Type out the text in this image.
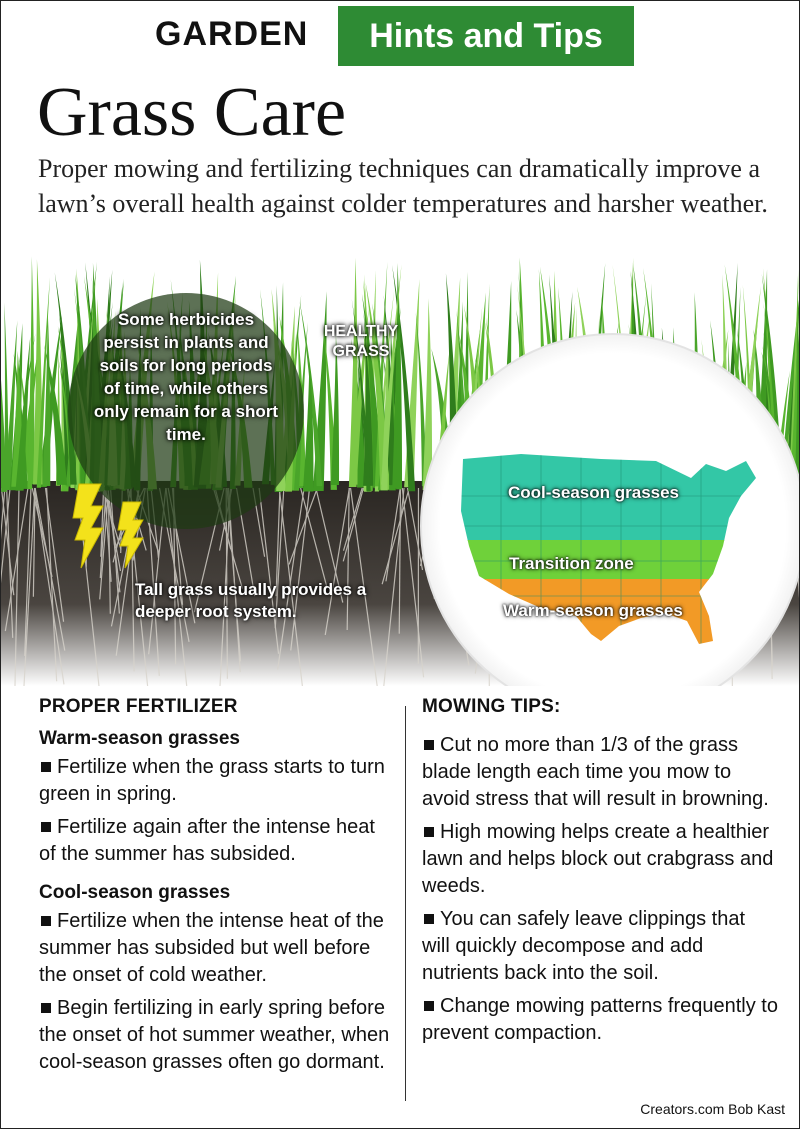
GARDEN	Hints and Tips
Grass Care

Proper mowing and fertilizing techniques can dramatically improve a lawn’s overall health against colder temperatures and harsher weather.

Some herbicides persist in plants and soils for long periods of time, while others only remain for a short time.
HEALTHY GRASS
Tall grass usually provides a deeper root system.
Cool-season grasses
Transition zone
Warm-season grasses
PROPER FERTILIZER
Warm-season grasses

Fertilize when the grass starts to turn green in spring.

Fertilize again after the intense heat of the summer has subsided.

Cool-season grasses

Fertilize when the intense heat of the summer has subsided but well before the onset of cold weather.

Begin fertilizing in early spring before the onset of hot summer weather, when cool-season grasses often go dormant.

MOWING TIPS:

Cut no more than 1/3 of the grass blade length each time you mow to avoid stress that will result in browning.

High mowing helps create a healthier lawn and helps block out crabgrass and weeds.

You can safely leave clippings that will quickly decompose and add nutrients back into the soil.

Change mowing patterns frequently to prevent compaction.

Creators.com Bob Kast
